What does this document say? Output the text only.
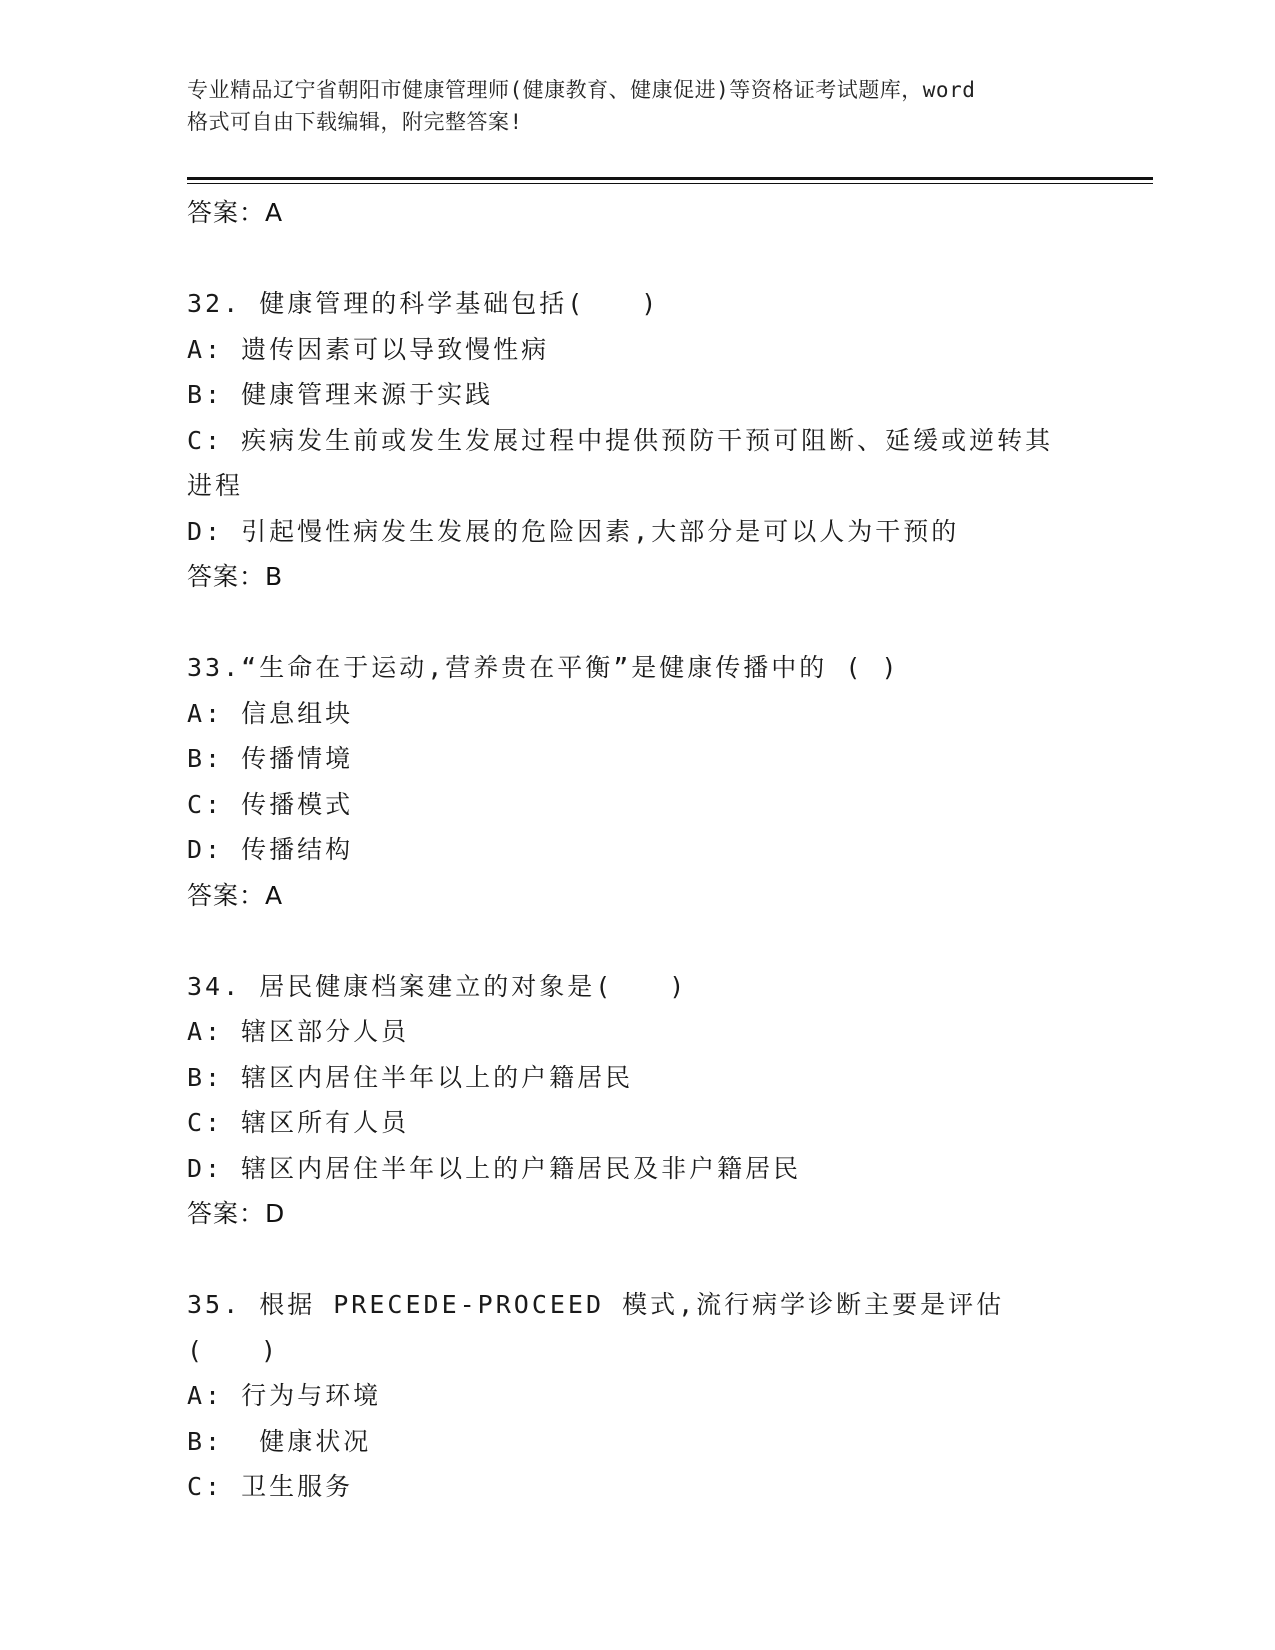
专业精品辽宁省朝阳市健康管理师(健康教育、健康促进)等资格证考试题库，word
格式可自由下载编辑，附完整答案!
答案：A
32. 健康管理的科学基础包括(　　)
A: 遗传因素可以导致慢性病
B: 健康管理来源于实践
C: 疾病发生前或发生发展过程中提供预防干预可阻断、延缓或逆转其
进程
D: 引起慢性病发生发展的危险因素,大部分是可以人为干预的
答案：B
33.“生命在于运动,营养贵在平衡”是健康传播中的 ( )
A: 信息组块
B: 传播情境
C: 传播模式
D: 传播结构
答案：A
34. 居民健康档案建立的对象是(　　)
A: 辖区部分人员
B: 辖区内居住半年以上的户籍居民
C: 辖区所有人员
D: 辖区内居住半年以上的户籍居民及非户籍居民
答案：D
35. 根据 PRECEDE-PROCEED 模式,流行病学诊断主要是评估(　　)
A: 行为与环境
B:  健康状况
C: 卫生服务
